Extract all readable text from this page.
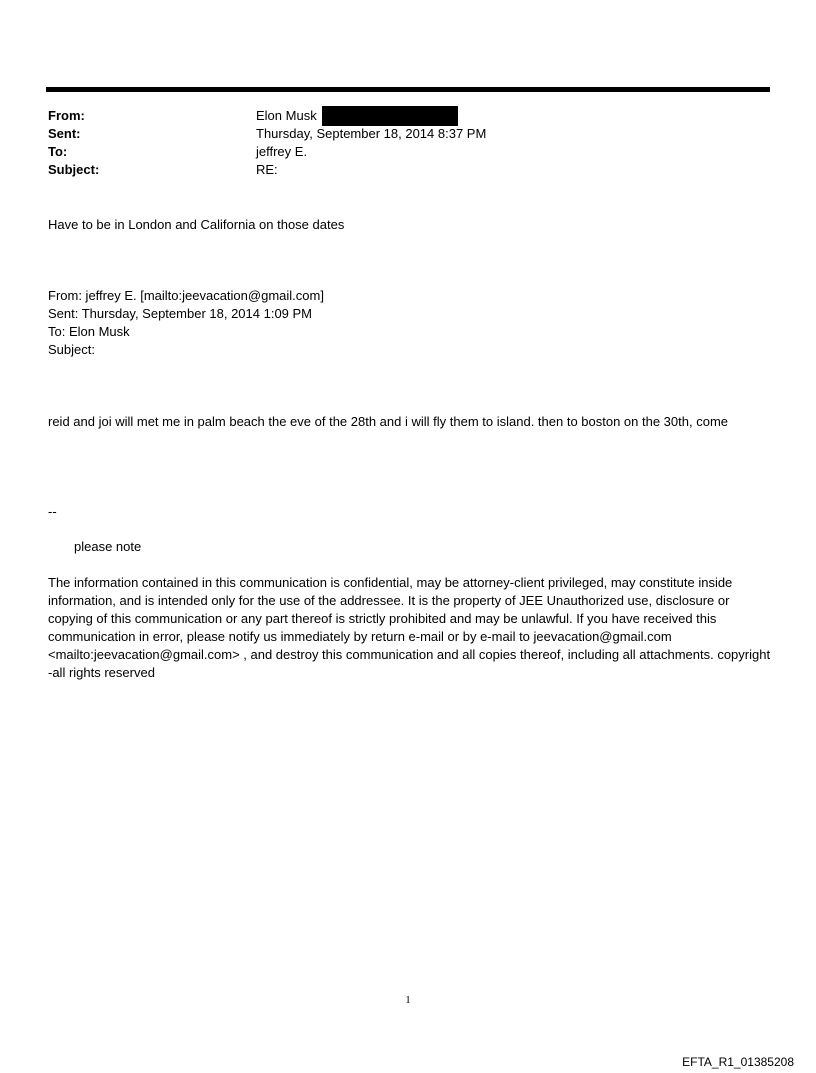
From:	Elon Musk
Sent:	Thursday, September 18, 2014 8:37 PM
To:	jeffrey E.
Subject:	RE:
Have to be in London and California on those dates
From: jeffrey E. [mailto:jeevacation@gmail.com]
Sent: Thursday, September 18, 2014 1:09 PM
To: Elon Musk
Subject:
reid and joi will met me in palm beach the eve of the 28th and i will fly them to island. then to boston on the 30th, come
--
please note
The information contained in this communication is confidential, may be attorney-client privileged, may constitute inside information, and is intended only for the use of the addressee. It is the property of JEE Unauthorized use, disclosure or copying of this communication or any part thereof is strictly prohibited and may be unlawful. If you have received this communication in error, please notify us immediately by return e-mail or by e-mail to jeevacation@gmail.com <mailto:jeevacation@gmail.com> , and destroy this communication and all copies thereof, including all attachments. copyright -all rights reserved
1
EFTA_R1_01385208
